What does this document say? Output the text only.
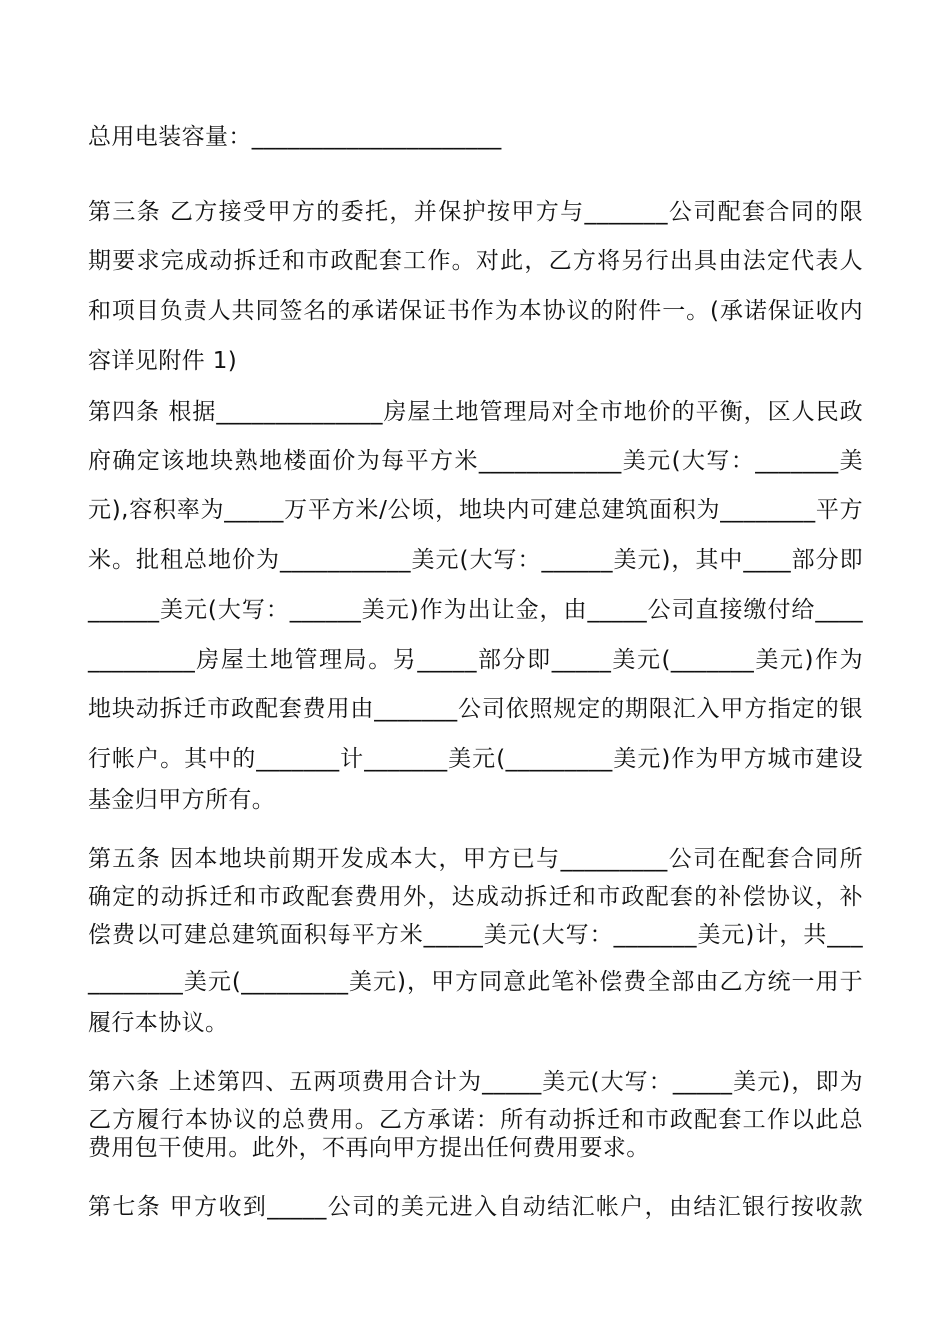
总用电装容量：_____________________
第三条 乙方接受甲方的委托，并保护按甲方与_______公司配套合同的限
期要求完成动拆迁和市政配套工作。对此，乙方将另行出具由法定代表人
和项目负责人共同签名的承诺保证书作为本协议的附件一。(承诺保证收内
容详见附件 1)
第四条 根据______________房屋土地管理局对全市地价的平衡，区人民政
府确定该地块熟地楼面价为每平方米____________美元(大写：_______美
元),容积率为_____万平方米/公顷，地块内可建总建筑面积为________平方
米。批租总地价为___________美元(大写：______美元)，其中____部分即
______美元(大写：______美元)作为出让金，由_____公司直接缴付给____
_________房屋土地管理局。另_____部分即_____美元(_______美元)作为
地块动拆迁市政配套费用由_______公司依照规定的期限汇入甲方指定的银
行帐户。其中的_______计_______美元(_________美元)作为甲方城市建设
基金归甲方所有。
第五条 因本地块前期开发成本大，甲方已与_________公司在配套合同所
确定的动拆迁和市政配套费用外，达成动拆迁和市政配套的补偿协议，补
偿费以可建总建筑面积每平方米_____美元(大写：_______美元)计，共___
________美元(_________美元)，甲方同意此笔补偿费全部由乙方统一用于
履行本协议。
第六条 上述第四、五两项费用合计为_____美元(大写：_____美元)，即为
乙方履行本协议的总费用。乙方承诺：所有动拆迁和市政配套工作以此总
费用包干使用。此外，不再向甲方提出任何费用要求。
第七条 甲方收到_____公司的美元进入自动结汇帐户，由结汇银行按收款
